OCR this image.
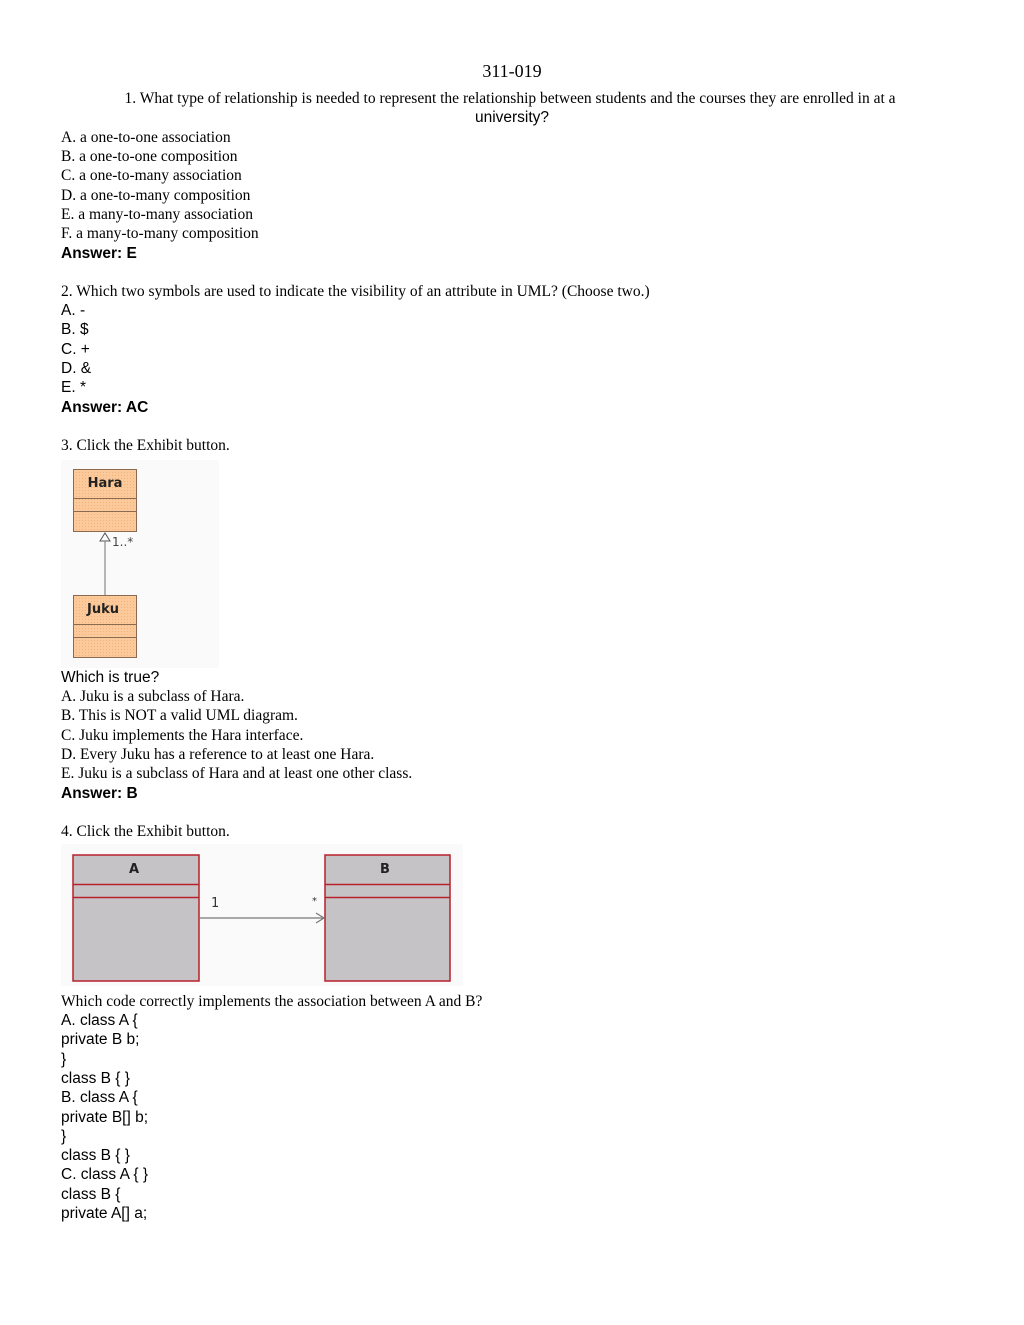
311-019
1. What type of relationship is needed to represent the relationship between students and the courses they are enrolled in at a
university?
A. a one-to-one association
B. a one-to-one composition
C. a one-to-many association
D. a one-to-many composition
E. a many-to-many association
F. a many-to-many composition
Answer: E
2. Which two symbols are used to indicate the visibility of an attribute in UML? (Choose two.)
A. -
B. $
C. +
D. &
E. *
Answer: AC
3. Click the Exhibit button.
Hara
1..*
Juku
Which is true?
A. Juku is a subclass of Hara.
B. This is NOT a valid UML diagram.
C. Juku implements the Hara interface.
D. Every Juku has a reference to at least one Hara.
E. Juku is a subclass of Hara and at least one other class.
Answer: B
4. Click the Exhibit button.
A	B
1	*
Which code correctly implements the association between A and B?
A. class A {
private B b;
}
class B { }
B. class A {
private B[] b;
}
class B { }
C. class A { }
class B {
private A[] a;
